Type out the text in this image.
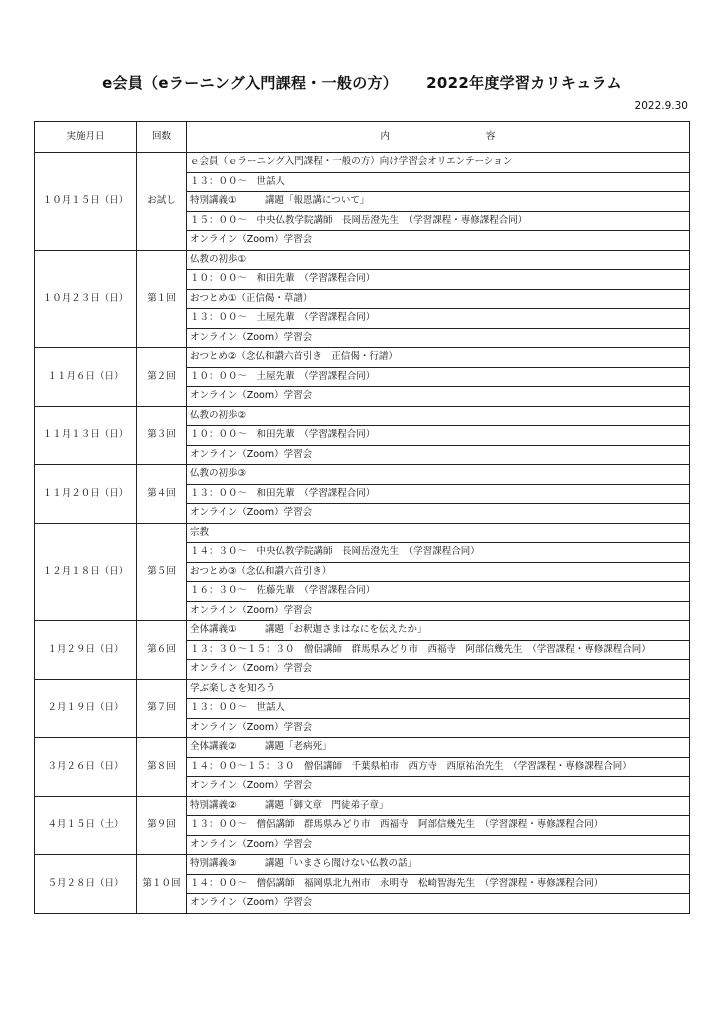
e会員（eラーニング入門課程・一般の方） 2022年度学習カリキュラム
2022.9.30
実施月日	回数	内 容
１０月１５日（日）	お試し	ｅ会員（ｅラーニング入門課程・一般の方）向け学習会オリエンテーション
		１３：００～　世話人
		特別講義①　　　講題「報恩講について」
		１５：００～　中央仏教学院講師　長岡岳澄先生　（学習課程・専修課程合同）
		オンライン（Zoom）学習会
１０月２３日（日）	第１回	仏教の初歩①
		１０：００～　和田先輩　（学習課程合同）
		おつとめ①（正信偈・草譜）
		１３：００～　土屋先輩　（学習課程合同）
		オンライン（Zoom）学習会
１１月６日（日）	第２回	おつとめ②（念仏和讃六首引き　正信偈・行譜）
		１０：００～　土屋先輩　（学習課程合同）
		オンライン（Zoom）学習会
１１月１３日（日）	第３回	仏教の初歩②
		１０：００～　和田先輩　（学習課程合同）
		オンライン（Zoom）学習会
１１月２０日（日）	第４回	仏教の初歩③
		１３：００～　和田先輩　（学習課程合同）
		オンライン（Zoom）学習会
１２月１８日（日）	第５回	宗教
		１４：３０～　中央仏教学院講師　長岡岳澄先生　（学習課程合同）
		おつとめ③（念仏和讃六首引き）
		１６：３０～　佐藤先輩　（学習課程合同）
		オンライン（Zoom）学習会
１月２９日（日）	第６回	全体講義①　　　講題「お釈迦さまはなにを伝えたか」
		１３：３０～１５：３０　僧侶講師　群馬県みどり市　西福寺　阿部信幾先生　（学習課程・専修課程合同）
		オンライン（Zoom）学習会
２月１９日（日）	第７回	学ぶ楽しさを知ろう
		１３：００～　世話人
		オンライン（Zoom）学習会
３月２６日（日）	第８回	全体講義②　　　講題「老病死」
		１４：００～１５：３０　僧侶講師　千葉県柏市　西方寺　西原祐治先生　（学習課程・専修課程合同）
		オンライン（Zoom）学習会
４月１５日（土）	第９回	特別講義②　　　講題「御文章　門徒弟子章」
		１３：００～　僧侶講師　群馬県みどり市　西福寺　阿部信幾先生　（学習課程・専修課程合同）
		オンライン（Zoom）学習会
５月２８日（日）	第１０回	特別講義③　　　講題「いまさら聞けない仏教の話」
		１４：００～　僧侶講師　福岡県北九州市　永明寺　松崎智海先生　（学習課程・専修課程合同）
		オンライン（Zoom）学習会
